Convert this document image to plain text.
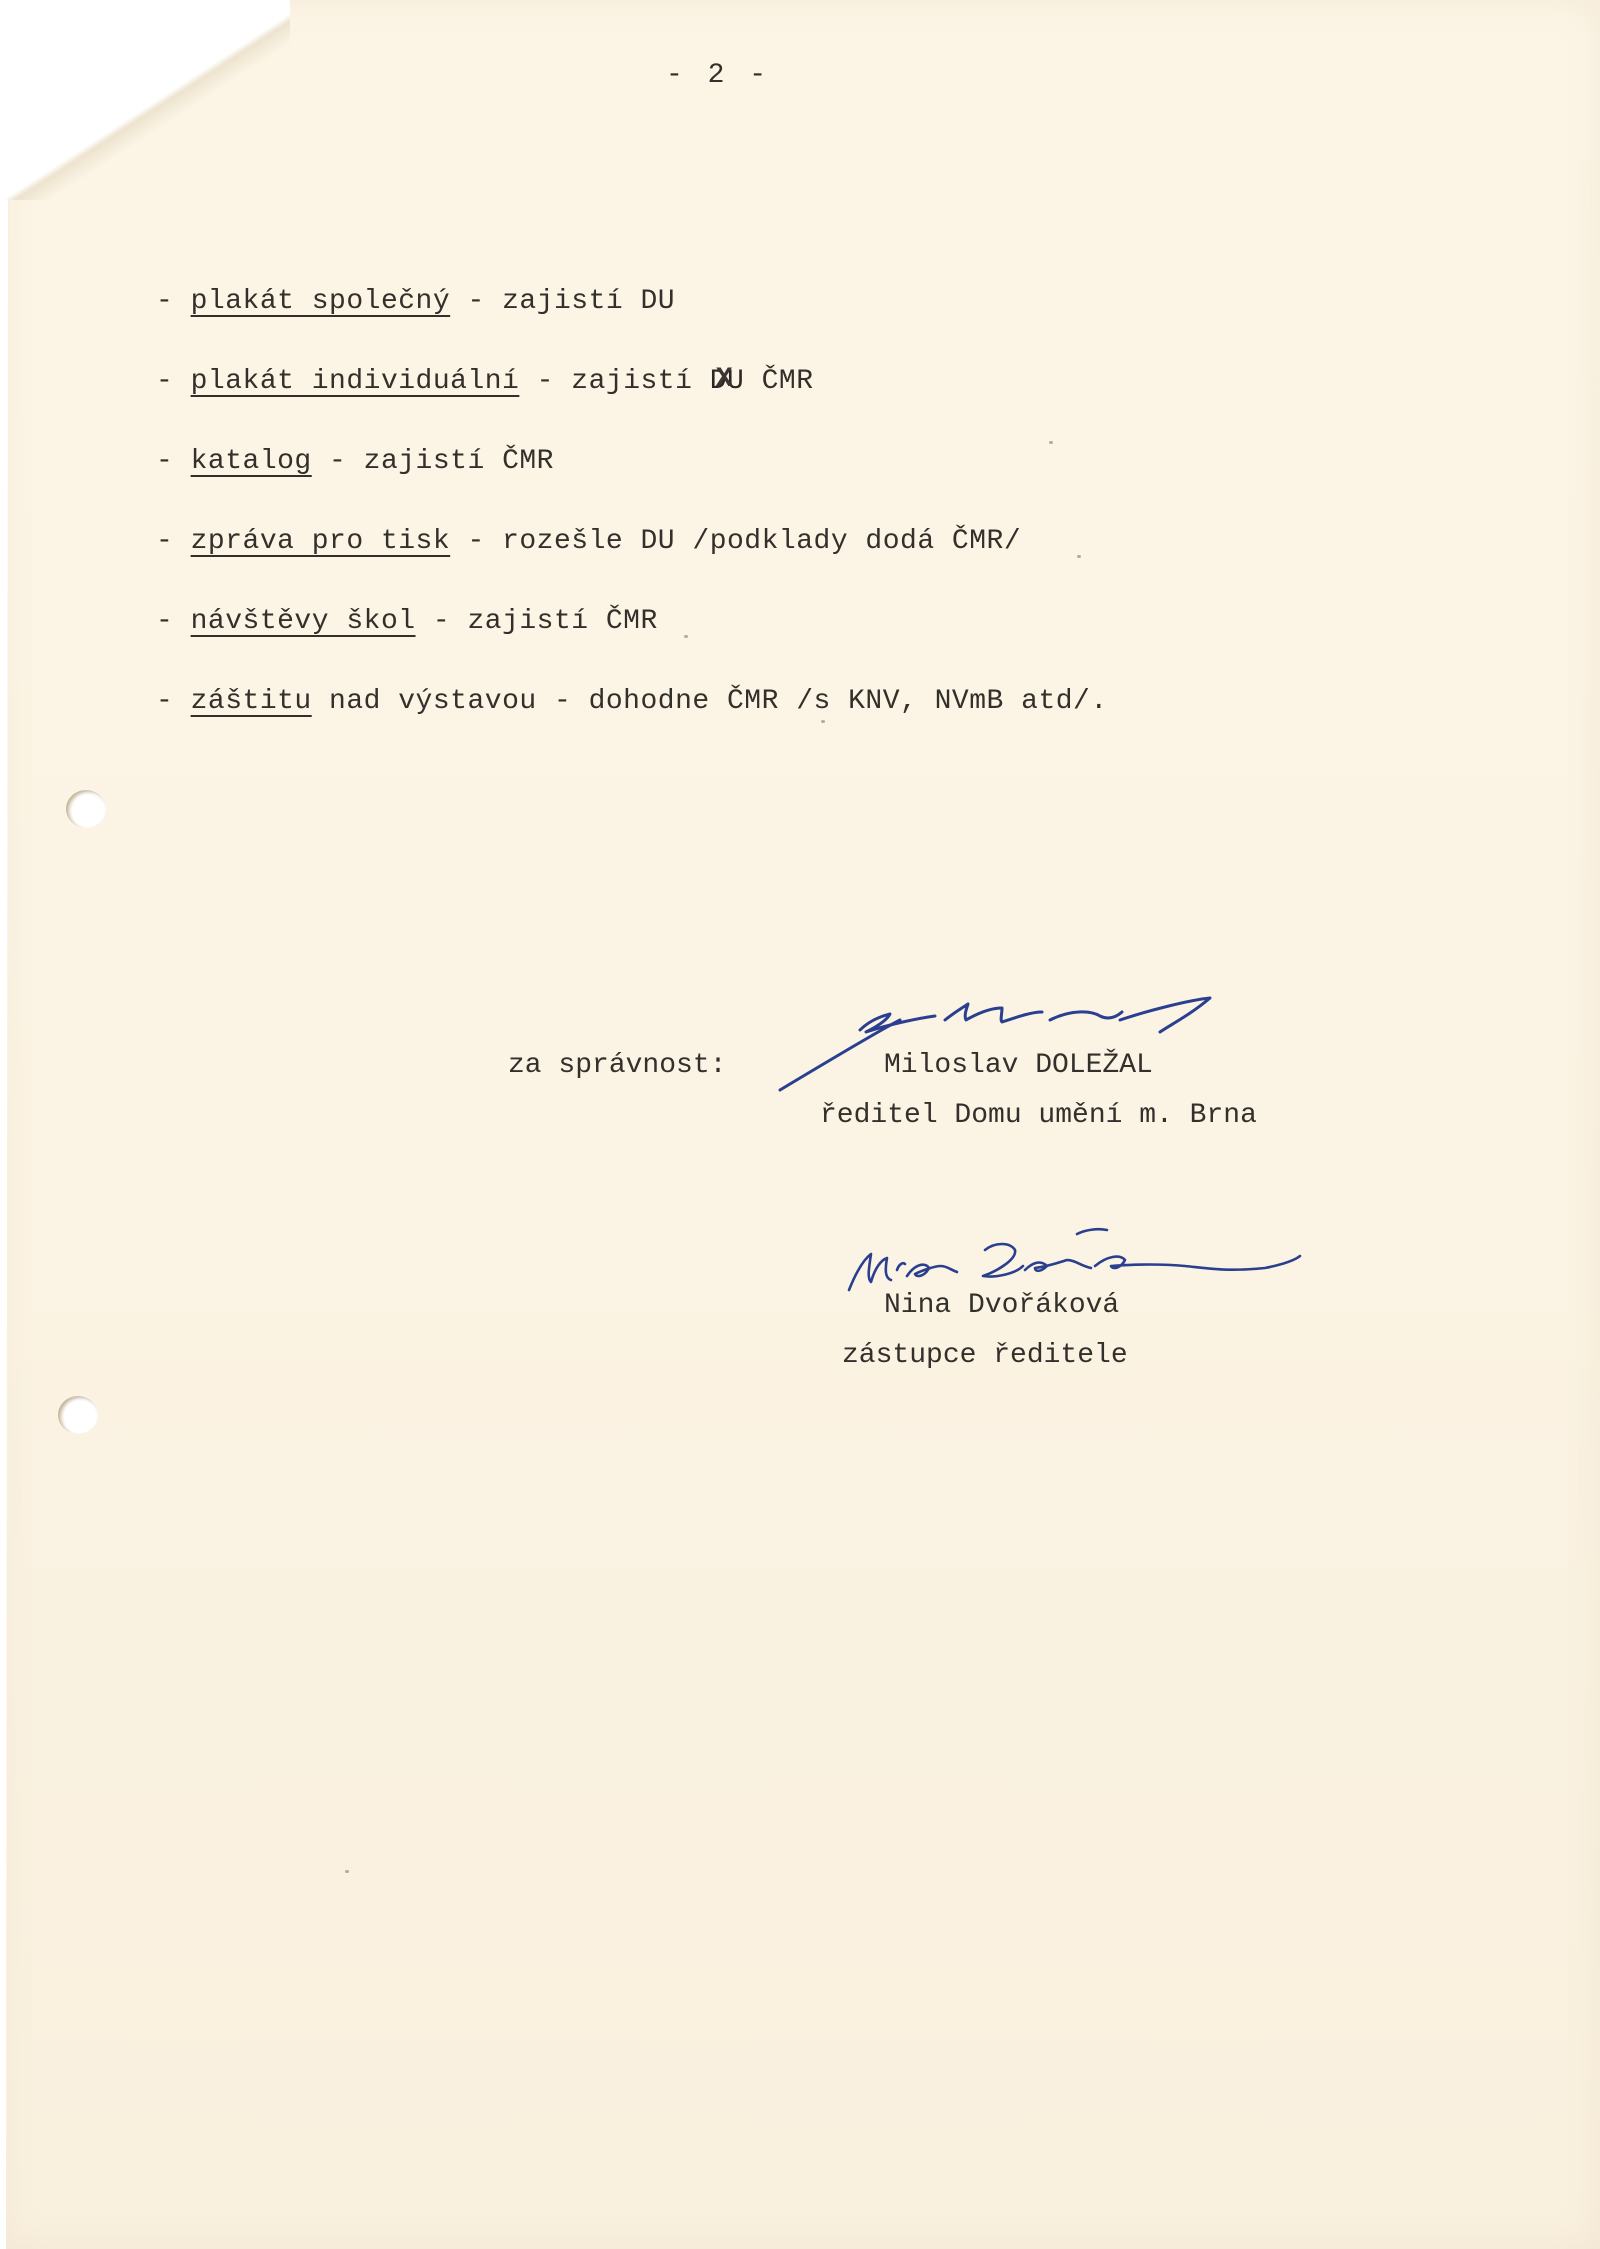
- 2 -
- plakát společný - zajistí DU
- plakát individuální - zajistí DU X ČMR
- katalog - zajistí ČMR
- zpráva pro tisk - rozešle DU /podklady dodá ČMR/
- návštěvy škol - zajistí ČMR
- záštitu nad výstavou - dohodne ČMR /s KNV, NVmB atd/.
za správnost:	Miloslav DOLEŽAL
ředitel Domu umění m. Brna
Nina Dvořáková
zástupce ředitele
